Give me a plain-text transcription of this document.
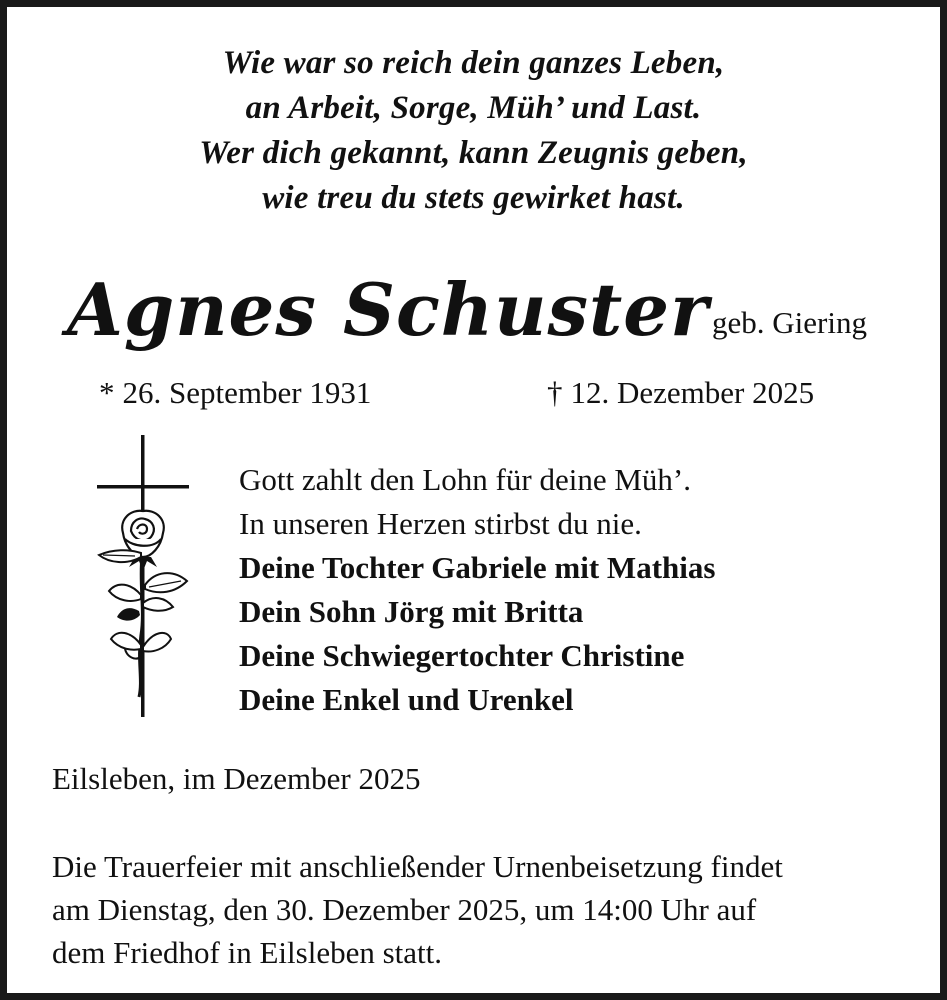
Wie war so reich dein ganzes Leben,
an Arbeit, Sorge, Müh’ und Last.
Wer dich gekannt, kann Zeugnis geben,
wie treu du stets gewirket hast.
Agnes Schuster geb. Giering
* 26. September 1931	† 12. Dezember 2025
Gott zahlt den Lohn für deine Müh’.
In unseren Herzen stirbst du nie.
Deine Tochter Gabriele mit Mathias
Dein Sohn Jörg mit Britta
Deine Schwiegertochter Christine
Deine Enkel und Urenkel
Eilsleben, im Dezember 2025
Die Trauerfeier mit anschließender Urnenbeisetzung findet
am Dienstag, den 30. Dezember 2025, um 14:00 Uhr auf
dem Friedhof in Eilsleben statt.
